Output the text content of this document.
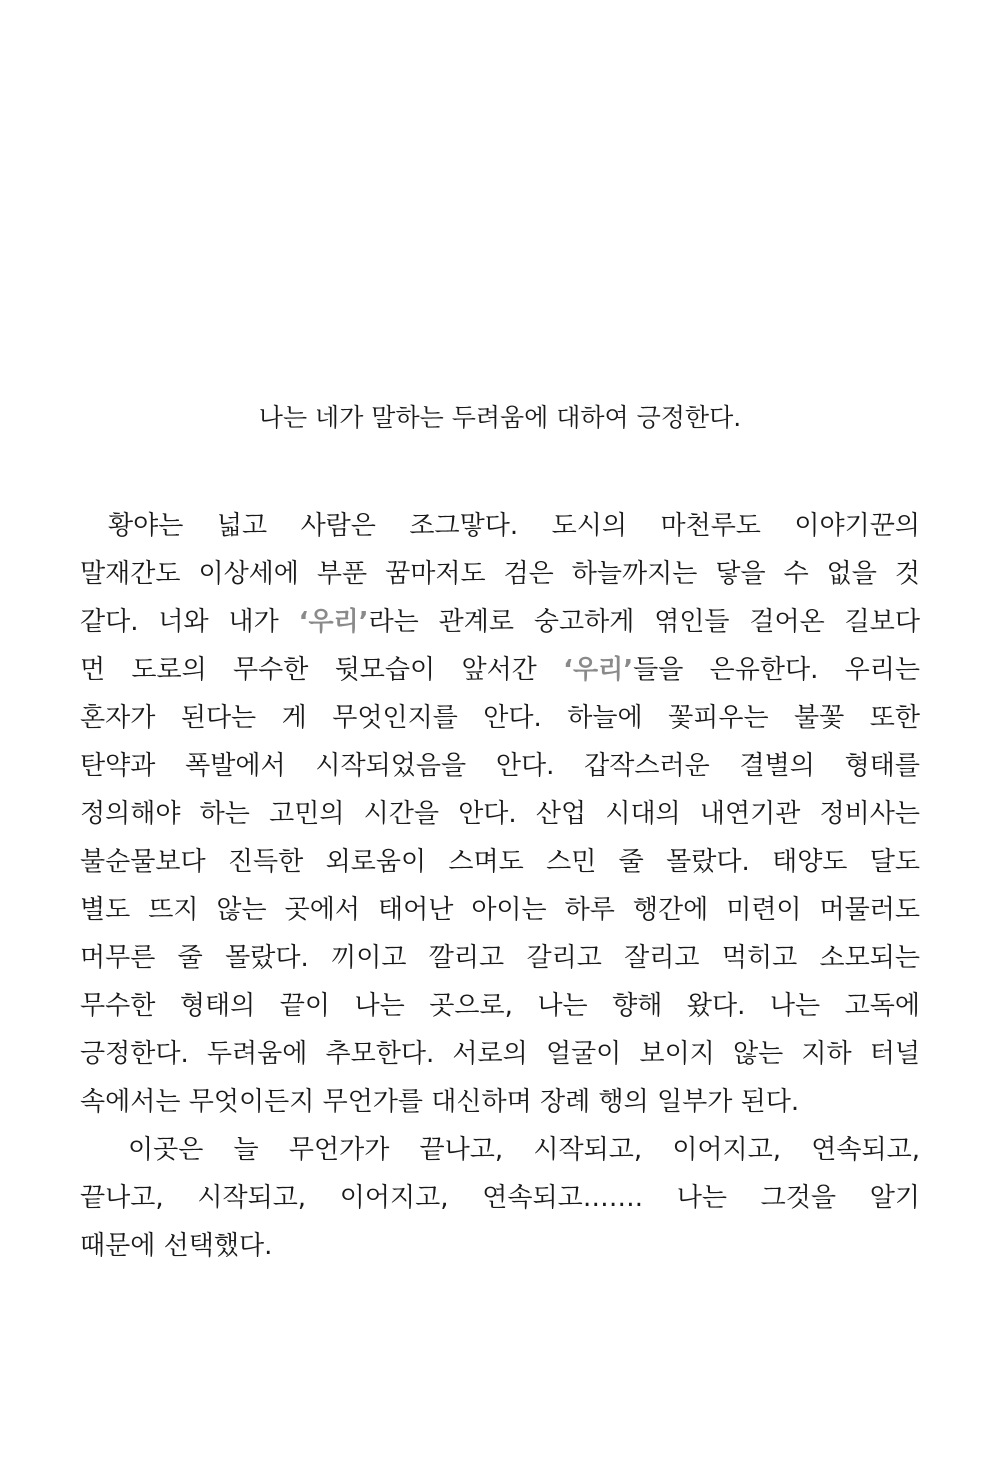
나는 네가 말하는 두려움에 대하여 긍정한다.

황야는 넓고 사람은 조그맣다. 도시의 마천루도 이야기꾼의
말재간도 이상세에 부푼 꿈마저도 검은 하늘까지는 닿을 수 없을 것
같다. 너와 내가 ‘우리’라는 관계로 숭고하게 엮인들 걸어온 길보다
먼 도로의 무수한 뒷모습이 앞서간 ‘우리’들을 은유한다. 우리는
혼자가 된다는 게 무엇인지를 안다. 하늘에 꽃피우는 불꽃 또한
탄약과 폭발에서 시작되었음을 안다. 갑작스러운 결별의 형태를
정의해야 하는 고민의 시간을 안다. 산업 시대의 내연기관 정비사는
불순물보다 진득한 외로움이 스며도 스민 줄 몰랐다. 태양도 달도
별도 뜨지 않는 곳에서 태어난 아이는 하루 행간에 미련이 머물러도
머무른 줄 몰랐다. 끼이고 깔리고 갈리고 잘리고 먹히고 소모되는
무수한 형태의 끝이 나는 곳으로, 나는 향해 왔다. 나는 고독에
긍정한다. 두려움에 추모한다. 서로의 얼굴이 보이지 않는 지하 터널
속에서는 무엇이든지 무언가를 대신하며 장례 행의 일부가 된다.

이곳은 늘 무언가가 끝나고, 시작되고, 이어지고, 연속되고,
끝나고, 시작되고, 이어지고, 연속되고……. 나는 그것을 알기
때문에 선택했다.
